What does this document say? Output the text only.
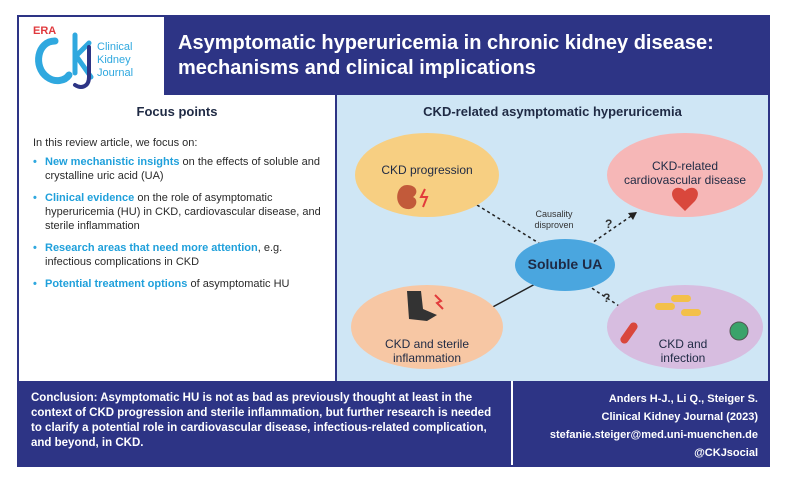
ERA
Clinical
Kidney
Journal
Asymptomatic hyperuricemia in chronic kidney disease:
mechanisms and clinical implications
Focus points
In this review article, we focus on:
• New mechanistic insights on the effects of soluble and crystalline uric acid (UA)
• Clinical evidence on the role of asymptomatic hyperuricemia (HU) in CKD, cardiovascular disease, and sterile inflammation
• Research areas that need more attention, e.g. infectious complications in CKD
• Potential treatment options of asymptomatic HU
CKD-related asymptomatic hyperuricemia
CKD progression	CKD-related
cardiovascular disease
CKD and sterile
inflammation
CKD and
infection
Soluble UA
Causality
disproven	?
?
Conclusion: Asymptomatic HU is not as bad as previously thought at least in the context of CKD progression and sterile inflammation, but further research is needed to clarify a potential role in cardiovascular disease, infectious-related complication, and beyond, in CKD.
Anders H-J., Li Q., Steiger S.
Clinical Kidney Journal (2023)
stefanie.steiger@med.uni-muenchen.de
@CKJsocial
